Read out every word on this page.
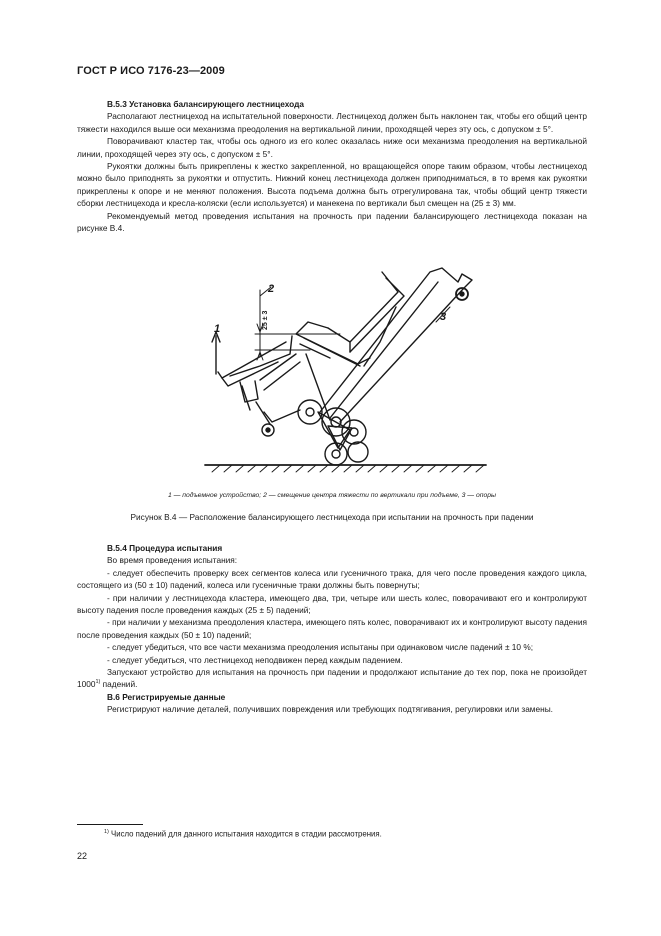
ГОСТ Р ИСО 7176-23—2009
В.5.3 Установка балансирующего лестницехода
Располагают лестницеход на испытательной поверхности. Лестницеход должен быть наклонен так, чтобы его общий центр тяжести находился выше оси механизма преодоления на вертикальной линии, проходящей через эту ось, с допуском ± 5°.
Поворачивают кластер так, чтобы ось одного из его колес оказалась ниже оси механизма преодоления на вертикальной линии, проходящей через эту ось, с допуском ± 5°.
Рукоятки должны быть прикреплены к жестко закрепленной, но вращающейся опоре таким образом, чтобы лестницеход можно было приподнять за рукоятки и отпустить. Нижний конец лестницехода должен приподниматься, в то время как рукоятки прикреплены к опоре и не меняют положения. Высота подъема должна быть отрегулирована так, чтобы общий центр тяжести сборки лестницехода и кресла-коляски (если используется) и манекена по вертикали был смещен на (25 ± 3) мм.
Рекомендуемый метод проведения испытания на прочность при падении балансирующего лестницехода показан на рисунке В.4.
1
2
3
25 ± 3
1 — подъемное устройство; 2 — смещение центра тяжести по вертикали при подъеме, 3 — опоры
Рисунок В.4 — Расположение балансирующего лестницехода при испытании на прочность при падении
В.5.4 Процедура испытания
Во время проведения испытания:
- следует обеспечить проверку всех сегментов колеса или гусеничного трака, для чего после проведения каждого цикла, состоящего из (50 ± 10) падений, колеса или гусеничные траки должны быть повернуты;
- при наличии у лестницехода кластера, имеющего два, три, четыре или шесть колес, поворачивают его и контролируют высоту падения после проведения каждых (25 ± 5) падений;
- при наличии у механизма преодоления кластера, имеющего пять колес, поворачивают их и контролируют высоту падения после проведения каждых (50 ± 10) падений;
- следует убедиться, что все части механизма преодоления испытаны при одинаковом числе падений ± 10 %;
- следует убедиться, что лестницеход неподвижен перед каждым падением.
Запускают устройство для испытания на прочность при падении и продолжают испытание до тех пор, пока не произойдет 1000$^{1)}$ падений.
В.6 Регистрируемые данные
Регистрируют наличие деталей, получивших повреждения или требующих подтягивания, регулировки или замены.
$^{1)}$ Число падений для данного испытания находится в стадии рассмотрения.
22
